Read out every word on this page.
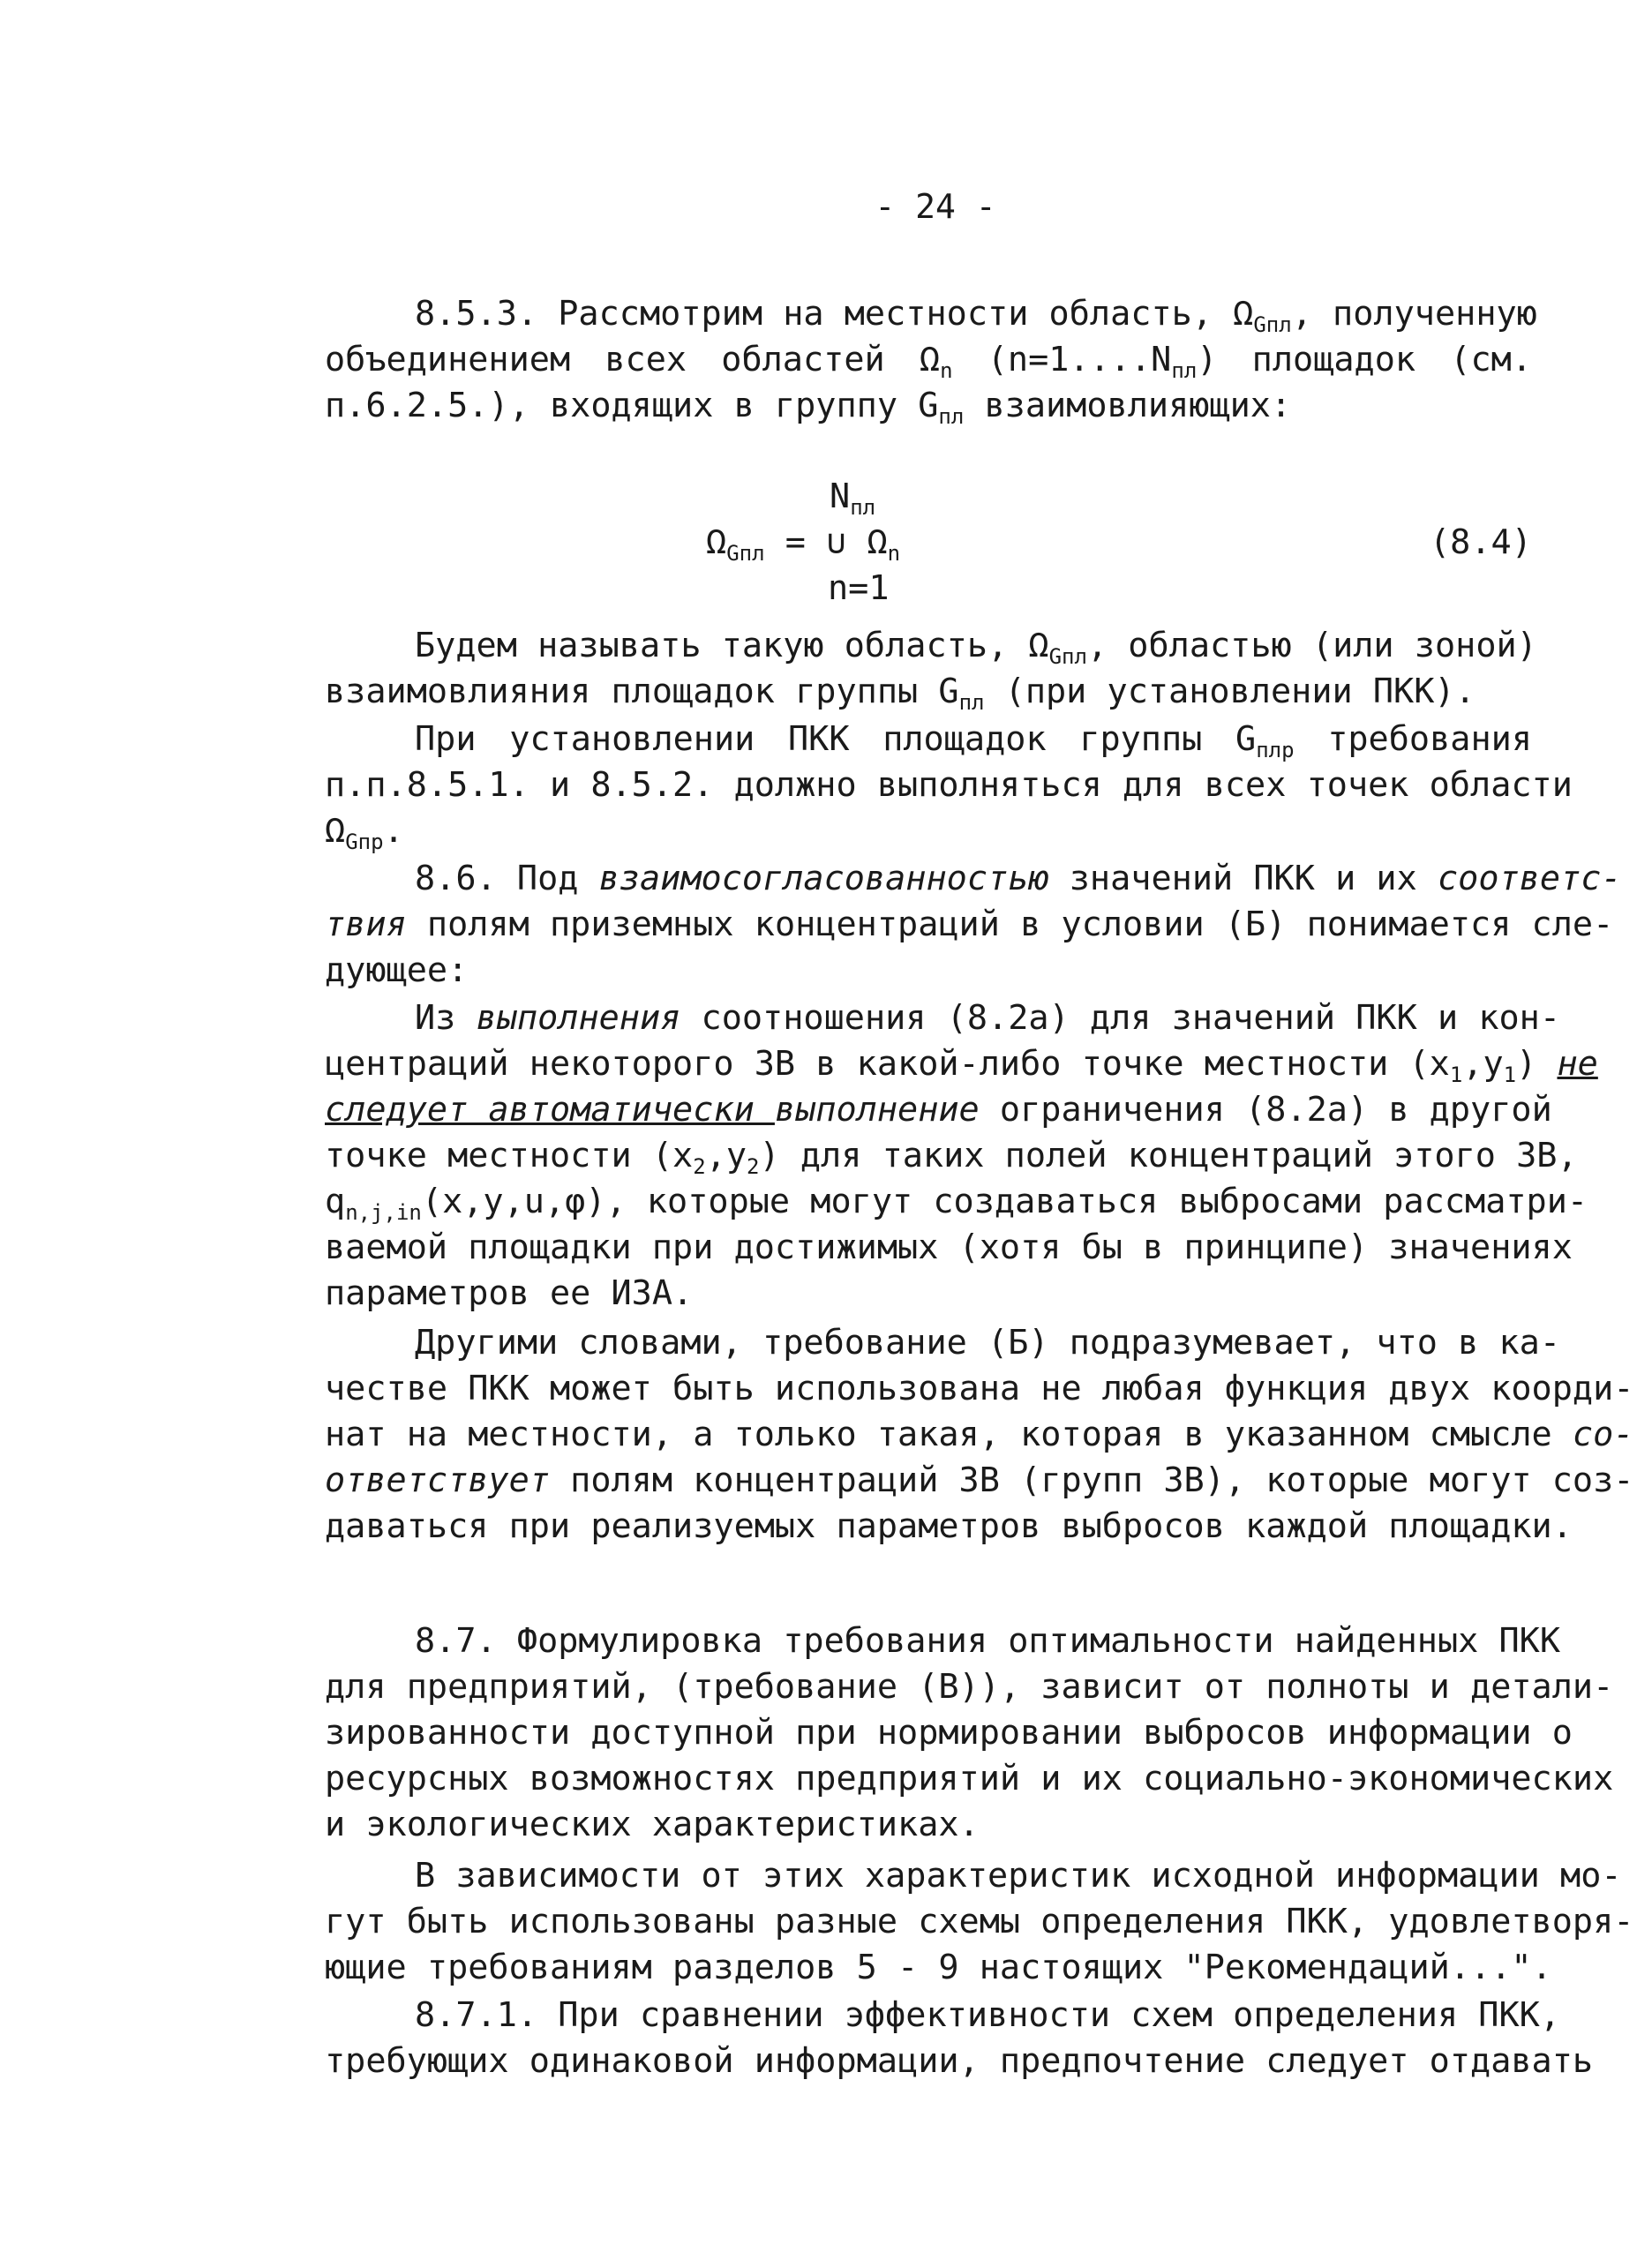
- 24 -
8.5.3. Рассмотрим на местности область, $\Omega_{Gпл}$, полученную
объединением всех областей $\Omega_n$ $(n=1....N_{пл})$ площадок (см.
п.6.2.5.), входящих в группу $G_{пл}$ взаимовлияющих:
$N_{пл}$
$\Omega_{Gпл}$ = ∪ $\Omega_n$
n=1
(8.4)
Будем называть такую область, $\Omega_{Gпл}$, областью (или зоной)
взаимовлияния площадок группы $G_{пл}$ (при установлении ПКК).
При установлении ПКК площадок группы $G_{плр}$ требования
п.п.8.5.1. и 8.5.2. должно выполняться для всех точек области
$\Omega_{Gпр}$.
8.6. Под взаимосогласованностью значений ПКК и их соответс-
твия полям приземных концентраций в условии (Б) понимается сле-
дующее:
Из выполнения соотношения (8.2а) для значений ПКК и кон-
центраций некоторого ЗВ в какой-либо точке местности $(x_1,y_1)$ не
следует автоматически выполнение ограничения (8.2а) в другой
точке местности $(x_2,y_2)$ для таких полей концентраций этого ЗВ,
$q_{n,j,in}(x,y,u,\varphi)$, которые могут создаваться выбросами рассматри-
ваемой площадки при достижимых (хотя бы в принципе) значениях
параметров ее ИЗА.
Другими словами, требование (Б) подразумевает, что в ка-
честве ПКК может быть использована не любая функция двух коорди-
нат на местности, а только такая, которая в указанном смысле со-
ответствует полям концентраций ЗВ (групп ЗВ), которые могут соз-
даваться при реализуемых параметров выбросов каждой площадки.
8.7. Формулировка требования оптимальности найденных ПКК
для предприятий, (требование (В)), зависит от полноты и детали-
зированности доступной при нормировании выбросов информации о
ресурсных возможностях предприятий и их социально-экономических
и экологических характеристиках.
В зависимости от этих характеристик исходной информации мо-
гут быть использованы разные схемы определения ПКК, удовлетворя-
ющие требованиям разделов 5 - 9 настоящих "Рекомендаций...".
8.7.1. При сравнении эффективности схем определения ПКК,
требующих одинаковой информации, предпочтение следует отдавать
